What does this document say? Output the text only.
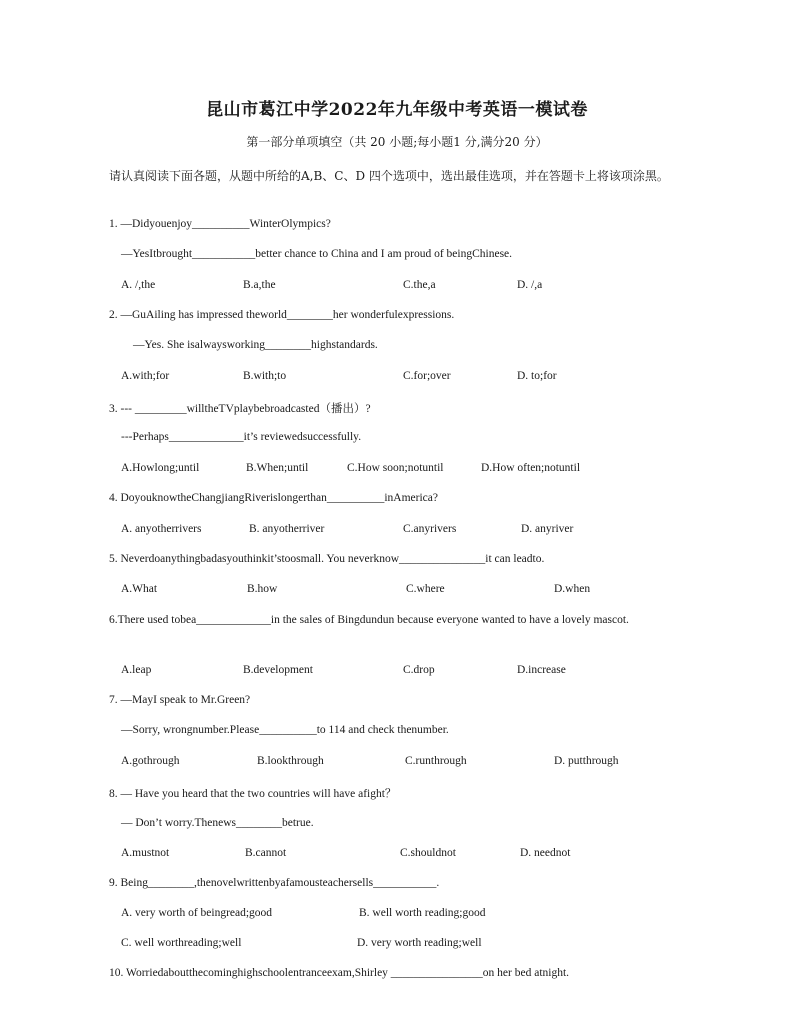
昆山市葛江中学2022年九年级中考英语一模试卷
第一部分单项填空（共 20 小题;每小题1 分,满分20 分）
请认真阅读下面各题，从题中所给的A,B、C、D 四个选项中，选出最佳选项，并在答题卡上将该项涂黑。
1. —Didyouenjoy__________WinterOlympics?
—YesItbrought___________better chance to China and I am proud of beingChinese.
A. /,the	B.a,the	C.the,a	D. /,a
2. —GuAiling has impressed theworld________her wonderfulexpressions.
—Yes. She isalwaysworking________highstandards.
A.with;for	B.with;to	C.for;over	D. to;for
3. --- _________willtheTVplaybebroadcasted（播出）?
---Perhaps_____________it’s reviewedsuccessfully.
A.Howlong;until	B.When;until	C.How soon;notuntil	D.How often;notuntil
4. DoyouknowtheChangjiangRiverislongerthan__________inAmerica?
A. anyotherrivers	B. anyotherriver	C.anyrivers	D. anyriver
5. Neverdoanythingbadasyouthinkit’stoosmall. You neverknow_______________it can leadto.
A.What	B.how	C.where	D.when
6.There used tobea_____________in the sales of Bingdundun because everyone wanted to have a lovely mascot.
A.leap	B.development	C.drop	D.increase
7. —MayI speak to Mr.Green?
—Sorry, wrongnumber.Please__________to 114 and check thenumber.
A.gothrough	B.lookthrough	C.runthrough	D. putthrough
8. — Have you heard that the two countries will have afight？
— Don’t worry.Thenews________betrue.
A.mustnot	B.cannot	C.shouldnot	D. neednot
9. Being________,thenovelwrittenbyafamousteachersells___________.
A. very worth of beingread;good	B. well worth reading;good
C. well worthreading;well	D. very worth reading;well
10. Worriedaboutthecominghighschoolentranceexam,Shirley ________________on her bed atnight.
